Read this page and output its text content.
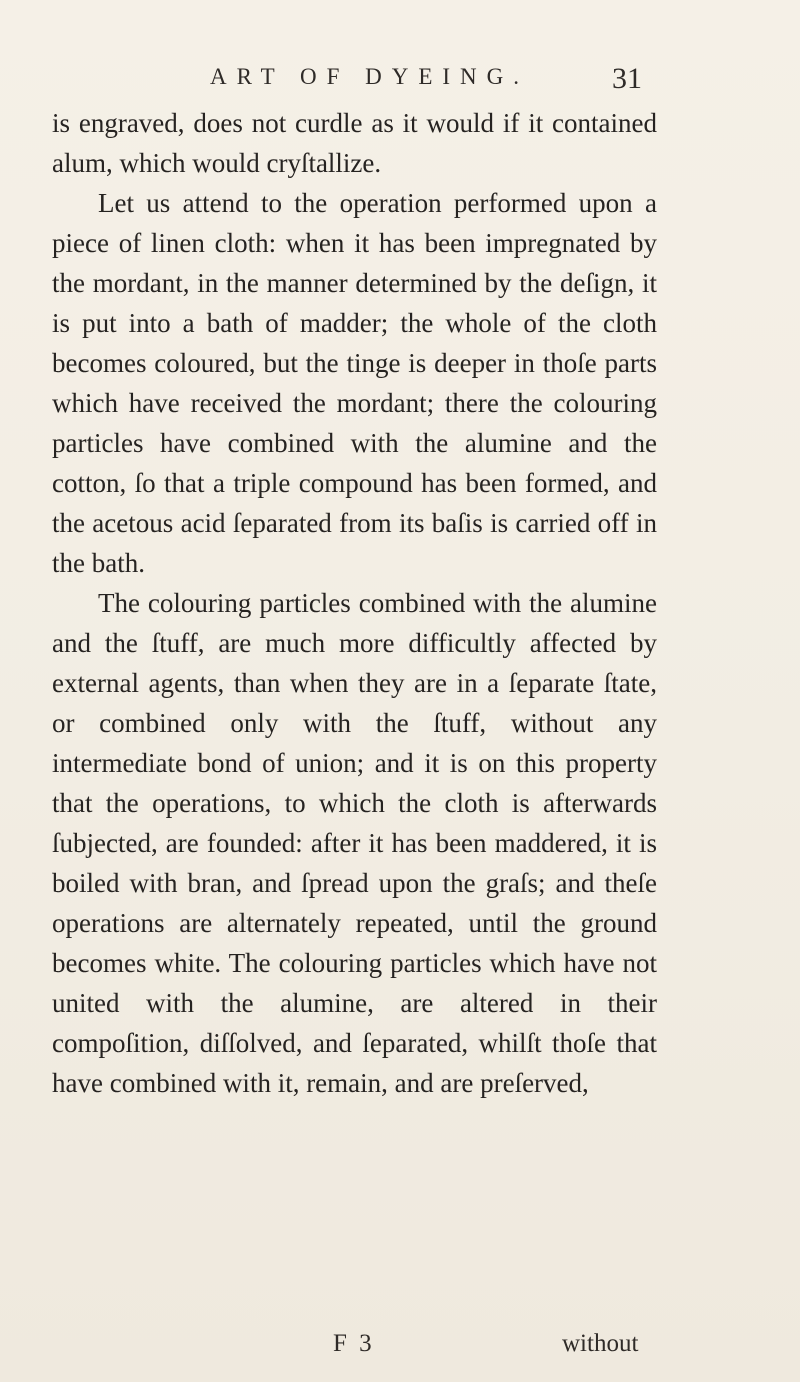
ART OF DYEING.	31

is engraved, does not curdle as it would if it contained alum, which would cryſtallize.

Let us attend to the operation performed upon a piece of linen cloth: when it has been impregnated by the mordant, in the manner determined by the deſign, it is put into a bath of madder; the whole of the cloth becomes coloured, but the tinge is deeper in thoſe parts which have received the mordant; there the colouring particles have combined with the alumine and the cotton, ſo that a triple compound has been formed, and the acetous acid ſeparated from its baſis is carried off in the bath.

The colouring particles combined with the alumine and the ſtuff, are much more difficultly affected by external agents, than when they are in a ſeparate ſtate, or combined only with the ſtuff, without any intermediate bond of union; and it is on this property that the operations, to which the cloth is afterwards ſubjected, are founded: after it has been maddered, it is boiled with bran, and ſpread upon the graſs; and theſe operations are alternately repeated, until the ground becomes white. The colouring particles which have not united with the alumine, are altered in their compoſition, diſſolved, and ſeparated, whilſt thoſe that have combined with it, remain, and are preſerved,

F 3	without
